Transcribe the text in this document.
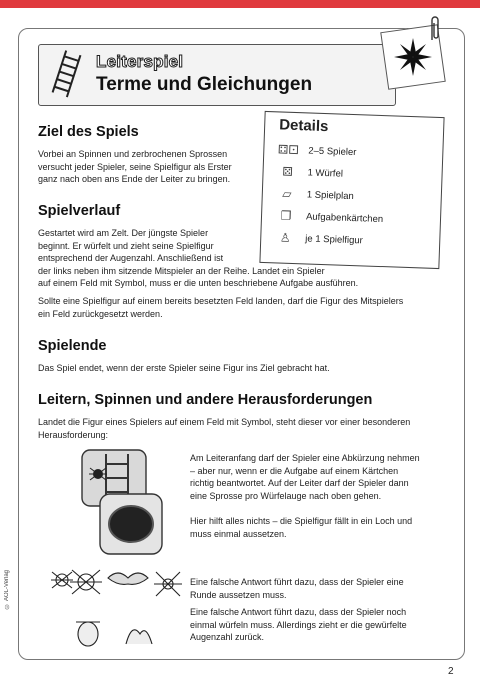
Leiterspiel
Terme und Gleichungen
Details
⚃⚀ 2–5 Spieler
⚄	1 Würfel
▱	1 Spielplan
❐	Aufgabenkärtchen
♙	je 1 Spielfigur
Ziel des Spiels

Vorbei an Spinnen und zerbrochenen Sprossen

versucht jeder Spieler, seine Spielfigur als Erster

ganz nach oben ans Ende der Leiter zu bringen.

Spielverlauf

Gestartet wird am Zelt. Der jüngste Spieler

beginnt. Er würfelt und zieht seine Spielfigur

entsprechend der Augenzahl. Anschließend ist

der links neben ihm sitzende Mitspieler an der Reihe. Landet ein Spieler

auf einem Feld mit Symbol, muss er die unten beschriebene Aufgabe ausführen.

Sollte eine Spielfigur auf einem bereits besetzten Feld landen, darf die Figur des Mitspielers

ein Feld zurückgesetzt werden.

Spielende

Das Spiel endet, wenn der erste Spieler seine Figur ins Ziel gebracht hat.

Leitern, Spinnen und andere Herausforderungen

Landet die Figur eines Spielers auf einem Feld mit Symbol, steht dieser vor einer besonderen

Herausforderung:

Am Leiteranfang darf der Spieler eine Abkürzung nehmen

– aber nur, wenn er die Aufgabe auf einem Kärtchen

richtig beantwortet. Auf der Leiter darf der Spieler dann

eine Sprosse pro Würfelauge nach oben gehen.

Hier hilft alles nichts – die Spielfigur fällt in ein Loch und

muss einmal aussetzen.

Eine falsche Antwort führt dazu, dass der Spieler eine

Runde aussetzen muss.

Eine falsche Antwort führt dazu, dass der Spieler noch

einmal würfeln muss. Allerdings zieht er die gewürfelte

Augenzahl zurück.

© AOL-Verlag
2
